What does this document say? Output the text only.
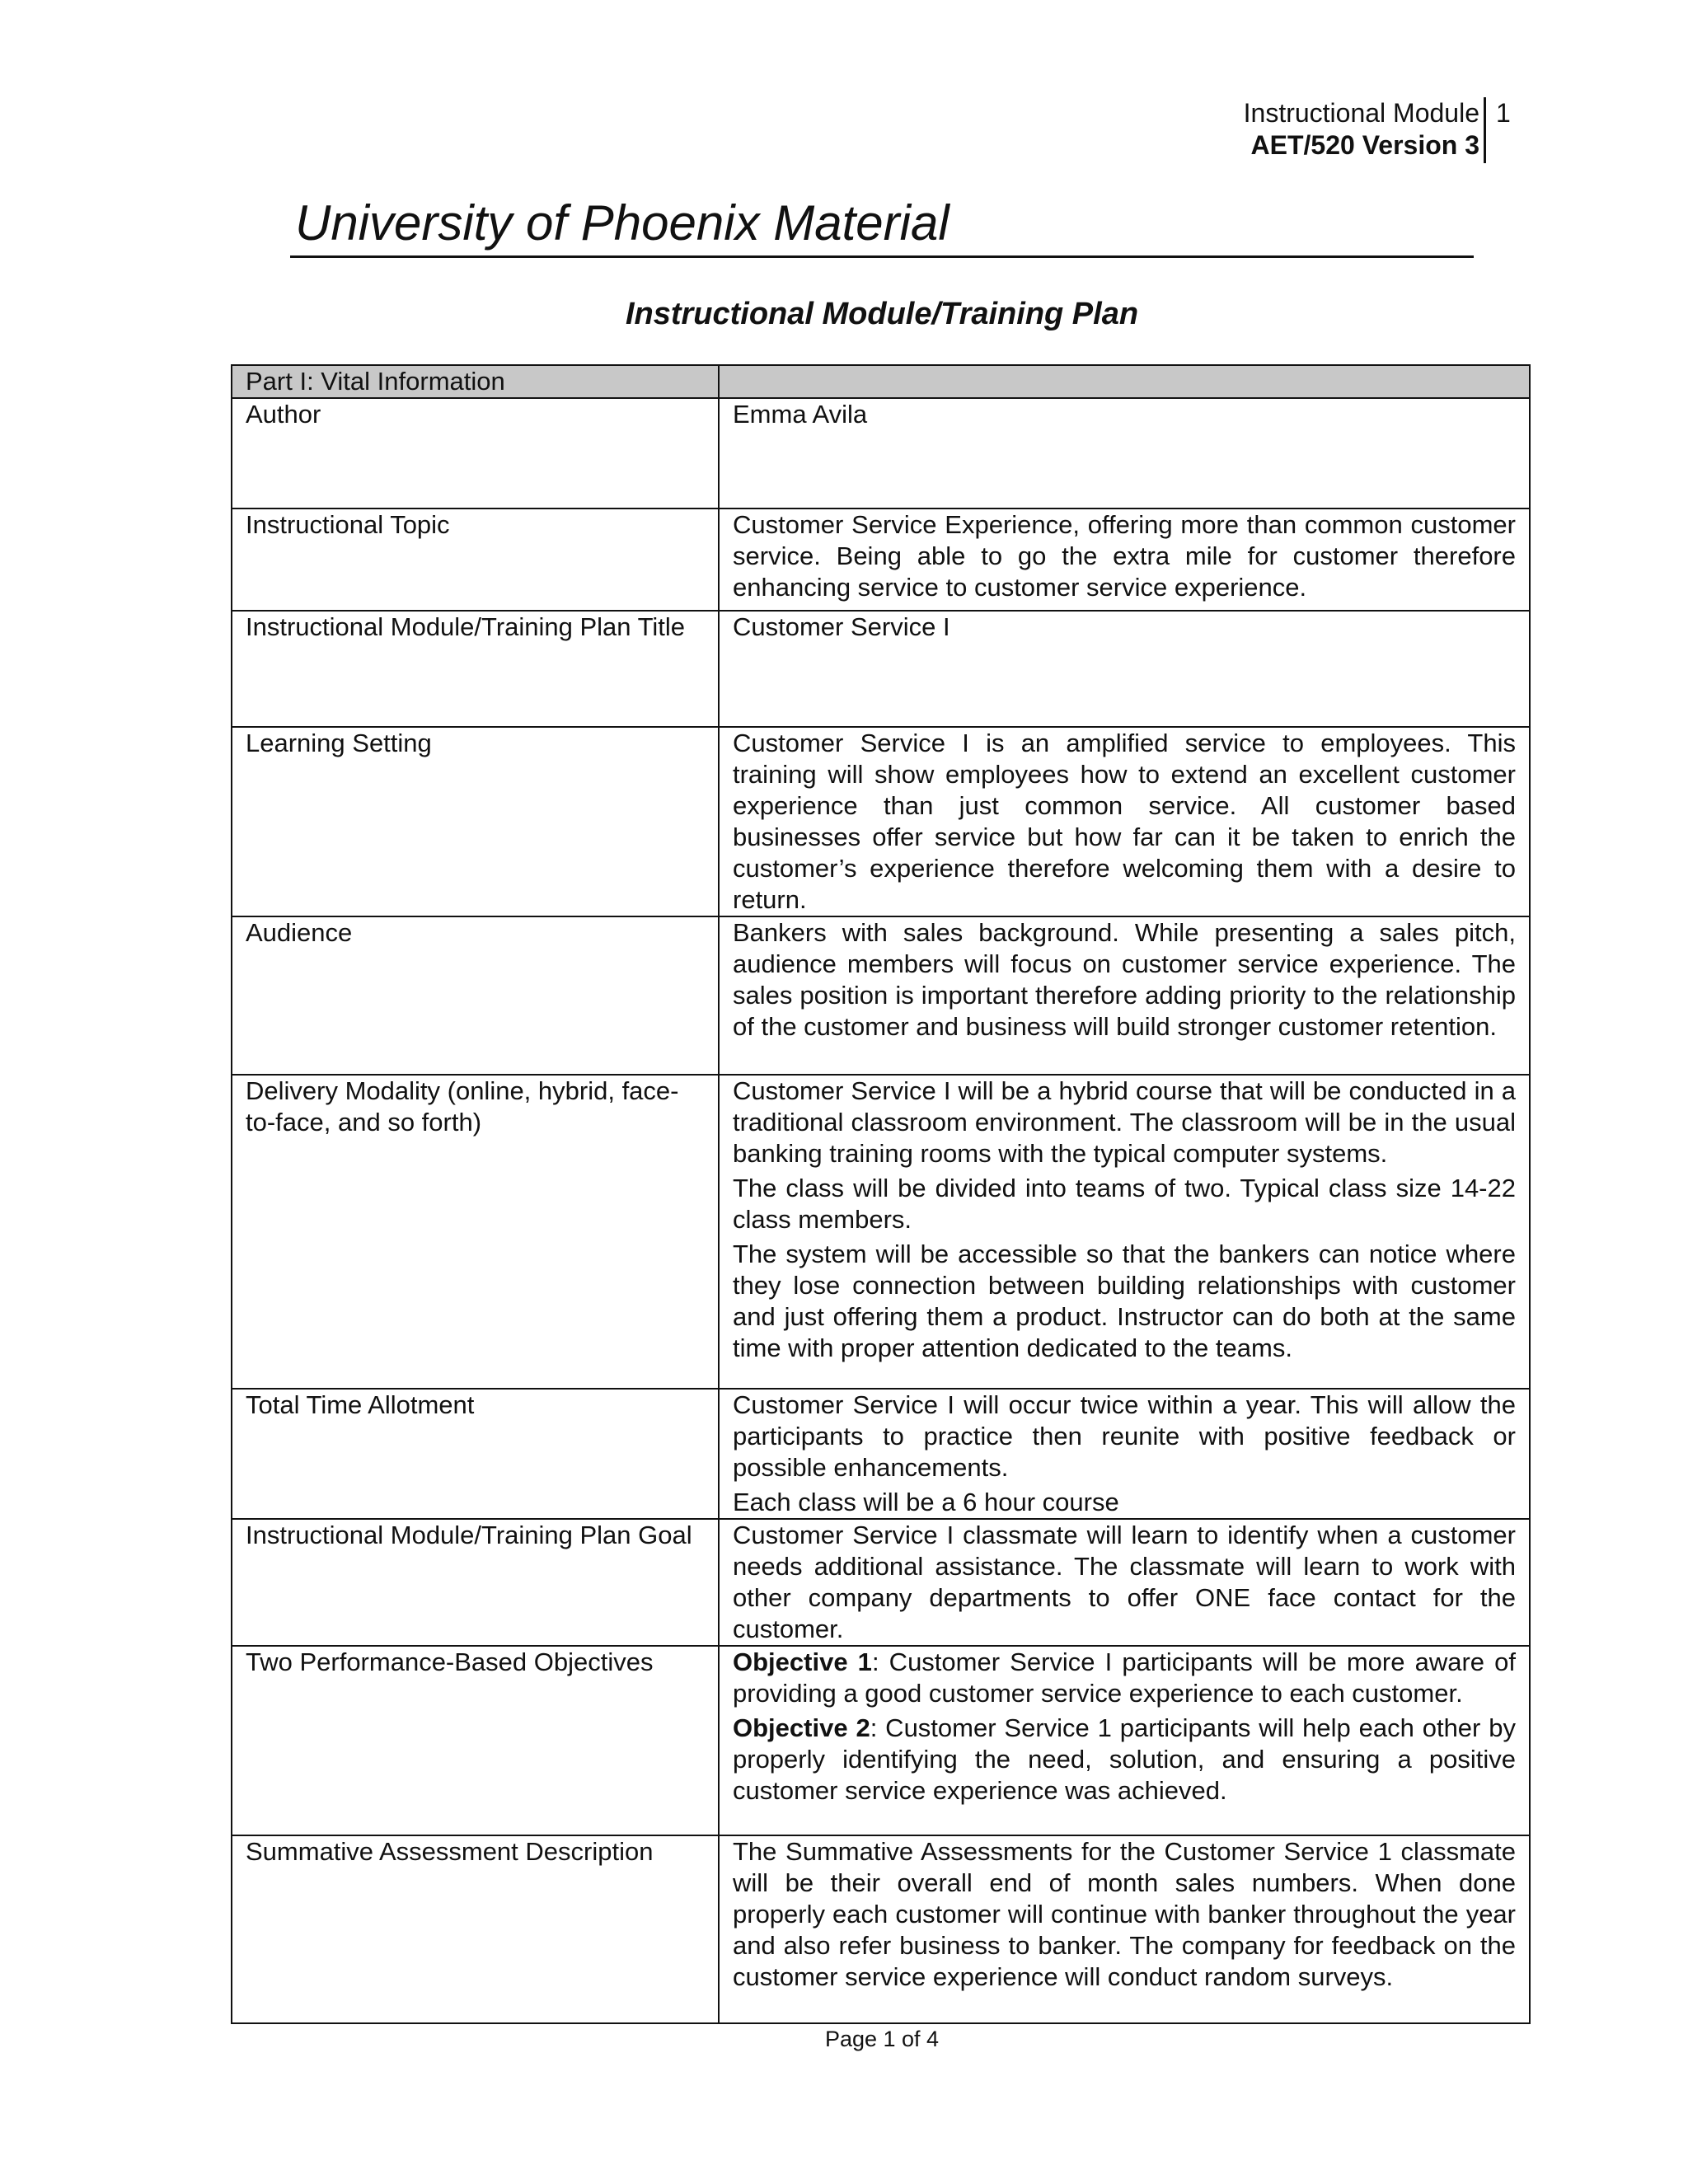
Instructional Module
AET/520 Version 3
1
University of Phoenix Material
Instructional Module/Training Plan
Part I: Vital Information	
Author	Emma Avila

Instructional Topic	Customer Service Experience, offering more than common customer service. Being able to go the extra mile for customer therefore enhancing service to customer service experience.

Instructional Module/Training Plan Title	Customer Service I

Learning Setting	Customer Service I is an amplified service to employees. This training will show employees how to extend an excellent customer experience than just common service. All customer based businesses offer service but how far can it be taken to enrich the customer’s experience therefore welcoming them with a desire to return.

Audience	Bankers with sales background. While presenting a sales pitch, audience members will focus on customer service experience. The sales position is important therefore adding priority to the relationship of the customer and business will build stronger customer retention.

Delivery Modality (online, hybrid, face-to-face, and so forth)	Customer Service I will be a hybrid course that will be conducted in a traditional classroom environment. The classroom will be in the usual banking training rooms with the typical computer systems.

The class will be divided into teams of two. Typical class size 14-22 class members.

The system will be accessible so that the bankers can notice where they lose connection between building relationships with customer and just offering them a product. Instructor can do both at the same time with proper attention dedicated to the teams.

Total Time Allotment	Customer Service I will occur twice within a year. This will allow the participants to practice then reunite with positive feedback or possible enhancements.

Each class will be a 6 hour course

Instructional Module/Training Plan Goal	Customer Service I classmate will learn to identify when a customer needs additional assistance. The classmate will learn to work with other company departments to offer ONE face contact for the customer.

Two Performance-Based Objectives	Objective 1: Customer Service I participants will be more aware of providing a good customer service experience to each customer.

Objective 2: Customer Service 1 participants will help each other by properly identifying the need, solution, and ensuring a positive customer service experience was achieved.

Summative Assessment Description	The Summative Assessments for the Customer Service 1 classmate will be their overall end of month sales numbers. When done properly each customer will continue with banker throughout the year and also refer business to banker. The company for feedback on the customer service experience will conduct random surveys.

Page 1 of 4
